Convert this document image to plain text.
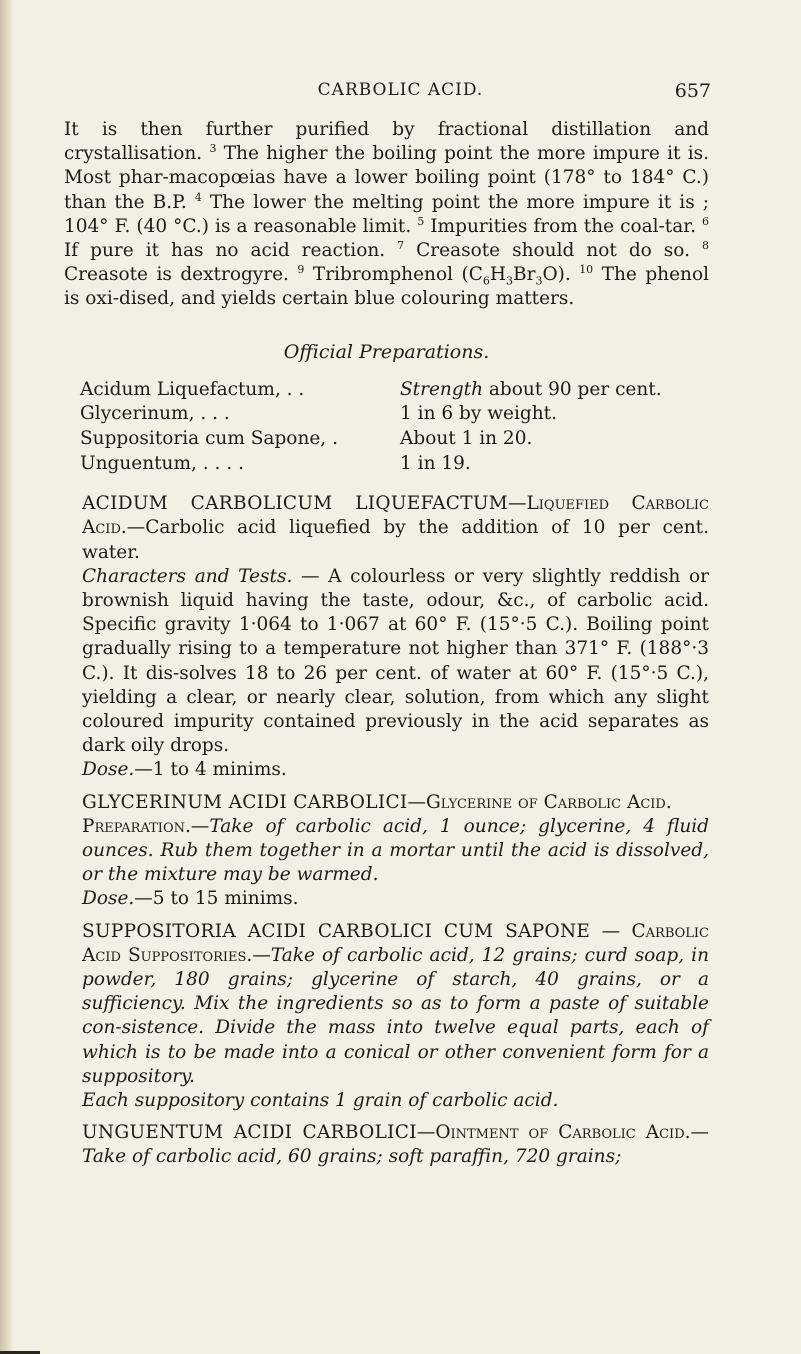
CARBOLIC ACID.	657

It is then further purified by fractional distillation and crystallisation. $^3$ The higher the boiling point the more impure it is. Most phar-macopœias have a lower boiling point (178° to 184° C.) than the B.P. $^4$ The lower the melting point the more impure it is ; 104° F. (40 °C.) is a reasonable limit. $^5$ Impurities from the coal-tar. $^6$ If pure it has no acid reaction. $^7$ Creasote should not do so. $^8$ Creasote is dextrogyre. $^9$ Tribromphenol $(C_6H_3Br_3O)$. $^{10}$ The phenol is oxi-dised, and yields certain blue colouring matters.

Official Preparations.
Acidum Liquefactum, . .	Strength about 90 per cent.
Glycerinum, . . .	1 in 6 by weight.
Suppositoria cum Sapone, .	About 1 in 20.
Unguentum, . . . .	1 in 19.

ACIDUM CARBOLICUM LIQUEFACTUM—Liquefied Carbolic Acid.—Carbolic acid liquefied by the addition of 10 per cent. water.

Characters and Tests. — A colourless or very slightly reddish or brownish liquid having the taste, odour, &c., of carbolic acid. Specific gravity 1·064 to 1·067 at 60° F. (15°·5 C.). Boiling point gradually rising to a temperature not higher than 371° F. (188°·3 C.). It dis-solves 18 to 26 per cent. of water at 60° F. (15°·5 C.), yielding a clear, or nearly clear, solution, from which any slight coloured impurity contained previously in the acid separates as dark oily drops.

Dose.—1 to 4 minims.

GLYCERINUM ACIDI CARBOLICI—Glycerine of Carbolic Acid.

Preparation.—Take of carbolic acid, 1 ounce; glycerine, 4 fluid ounces. Rub them together in a mortar until the acid is dissolved, or the mixture may be warmed.

Dose.—5 to 15 minims.

SUPPOSITORIA ACIDI CARBOLICI CUM SAPONE — Carbolic Acid Suppositories.—Take of carbolic acid, 12 grains; curd soap, in powder, 180 grains; glycerine of starch, 40 grains, or a sufficiency. Mix the ingredients so as to form a paste of suitable con-sistence. Divide the mass into twelve equal parts, each of which is to be made into a conical or other convenient form for a suppository.

Each suppository contains 1 grain of carbolic acid.

UNGUENTUM ACIDI CARBOLICI—Ointment of Carbolic Acid.—Take of carbolic acid, 60 grains; soft paraffin, 720 grains;
